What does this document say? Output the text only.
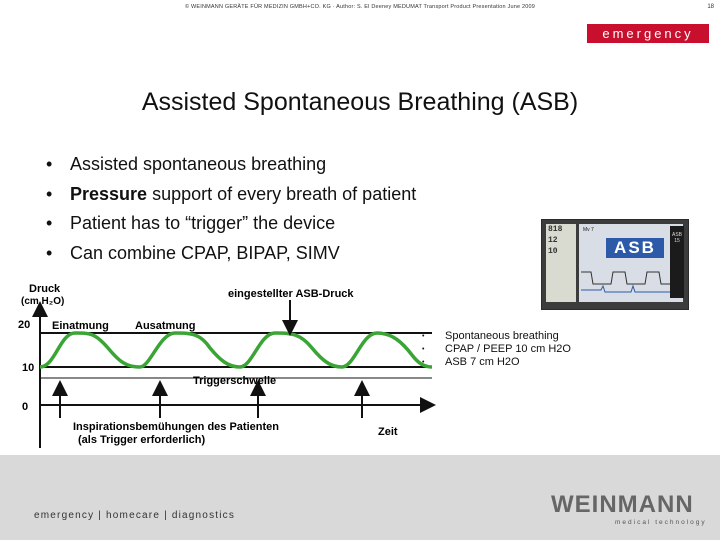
© WEINMANN GERÄTE FÜR MEDIZIN GMBH+CO. KG · Author: S. El Deeney MEDUMAT Transport Product Presentation June 2009	18
emergency
Assisted Spontaneous Breathing (ASB)
• Assisted spontaneous breathing
• Pressure support of every breath of patient
• Patient has to “trigger” the device
• Can combine CPAP, BIPAP, SIMV
818
12
10
Mv 7
ASB
ASB 15
20
10
0
Druck
(cm H₂O)
Einatmung Ausatmung
eingestellter ASB-Druck
Triggerschwelle
Inspirationsbemühungen des Patienten
(als Trigger erforderlich)
Zeit
• Spontaneous breathing
• CPAP / PEEP 10 cm H2O
• ASB 7 cm H2O
emergency | homecare | diagnostics	WEINMANN
medical technology
